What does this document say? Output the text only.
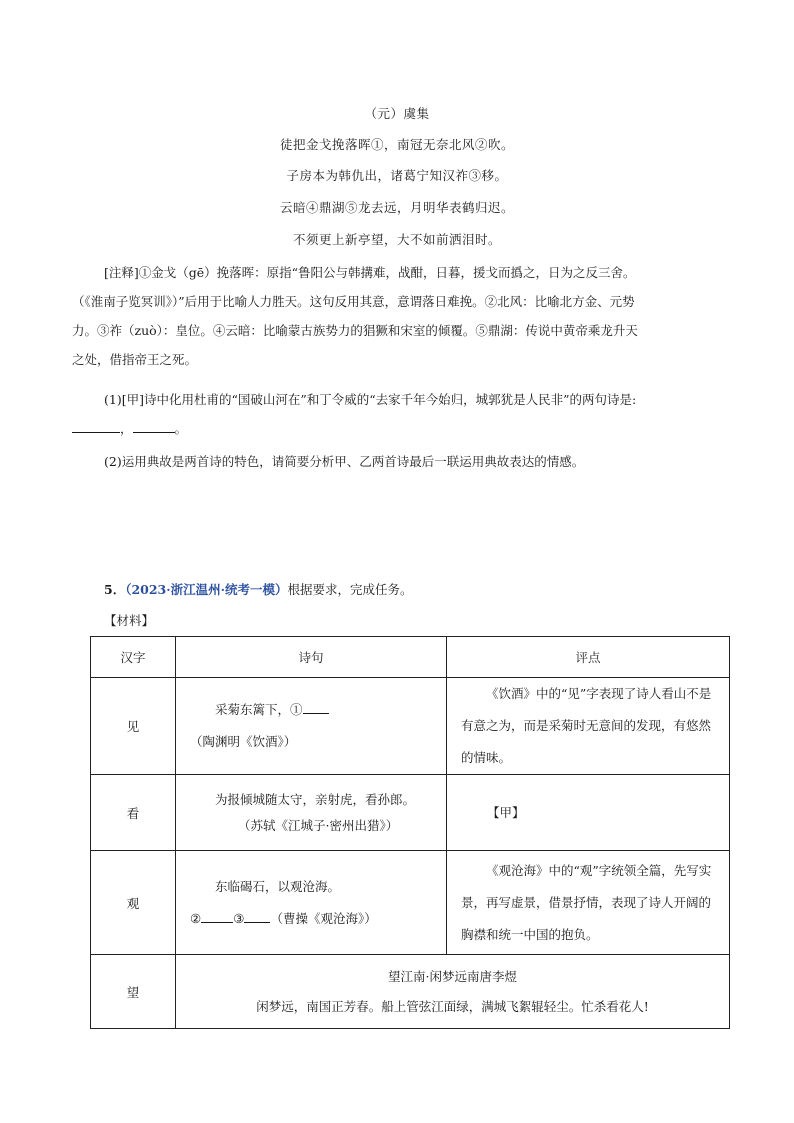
（元）虞集
徒把金戈挽落晖①，南冠无奈北风②吹。
子房本为韩仇出，诸葛宁知汉祚③移。
云暗④鼎湖⑤龙去远，月明华表鹤归迟。
不须更上新亭望，大不如前洒泪时。
[注释]①金戈（gē）挽落晖：原指“鲁阳公与韩搆难，战酣，日暮，援戈而撝之，日为之反三舍。
（《淮南子览冥训》）”后用于比喻人力胜天。这句反用其意，意谓落日难挽。②北风：比喻北方金、元势
力。③祚（zuò）：皇位。④云暗：比喻蒙古族势力的猖獗和宋室的倾覆。⑤鼎湖：传说中黄帝乘龙升天
之处，借指帝王之死。
(1)[甲]诗中化用杜甫的“国破山河在”和丁令威的“去家千年今始归，城郭犹是人民非”的两句诗是:
，	。
(2)运用典故是两首诗的特色，请简要分析甲、乙两首诗最后一联运用典故表达的情感。
5．（2023·浙江温州·统考一模）根据要求，完成任务。
【材料】
汉字	诗句	评点
见	采菊东篱下，①（陶渊明《饮酒》）	《饮酒》中的“见”字表现了诗人看山不是有意之为，而是采菊时无意间的发现，有悠然的情味。
看	为报倾城随太守，亲射虎，看孙郎。
（苏轼《江城子·密州出猎》）	【甲】
观	东临碣石，以观沧海。
② ③ （曹操《观沧海》）	《观沧海》中的“观”字统领全篇，先写实景，再写虚景，借景抒情，表现了诗人开阔的胸襟和统一中国的抱负。
望	望江南·闲梦远南唐李煜
闲梦远，南国正芳春。船上管弦江面绿，满城飞絮辊轻尘。忙杀看花人!	
